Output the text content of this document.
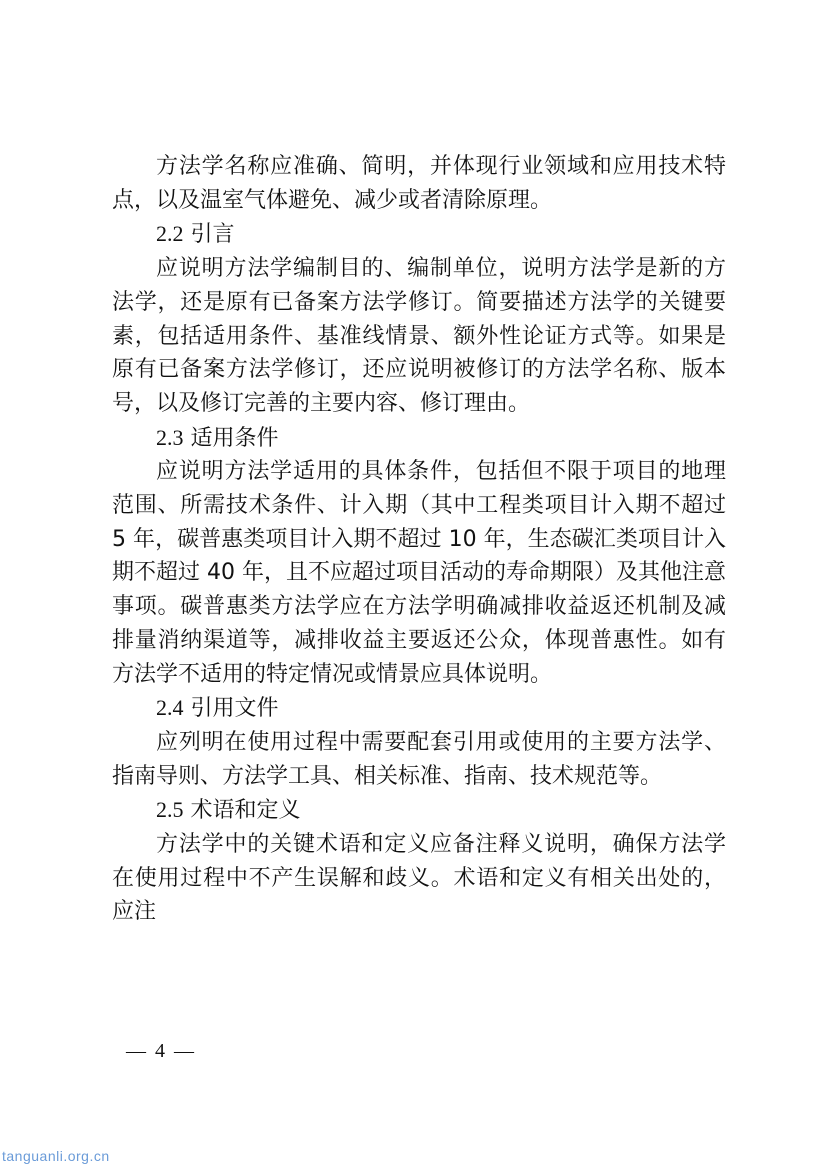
方法学名称应准确、简明，并体现行业领域和应用技术特点，以及温室气体避免、减少或者清除原理。

2.2 引言

应说明方法学编制目的、编制单位，说明方法学是新的方法学，还是原有已备案方法学修订。简要描述方法学的关键要素，包括适用条件、基准线情景、额外性论证方式等。如果是原有已备案方法学修订，还应说明被修订的方法学名称、版本号，以及修订完善的主要内容、修订理由。

2.3 适用条件

应说明方法学适用的具体条件，包括但不限于项目的地理范围、所需技术条件、计入期（其中工程类项目计入期不超过 5 年，碳普惠类项目计入期不超过 10 年，生态碳汇类项目计入期不超过 40 年，且不应超过项目活动的寿命期限）及其他注意事项。碳普惠类方法学应在方法学明确减排收益返还机制及减排量消纳渠道等，减排收益主要返还公众，体现普惠性。如有方法学不适用的特定情况或情景应具体说明。

2.4 引用文件

应列明在使用过程中需要配套引用或使用的主要方法学、指南导则、方法学工具、相关标准、指南、技术规范等。

2.5 术语和定义

方法学中的关键术语和定义应备注释义说明，确保方法学在使用过程中不产生误解和歧义。术语和定义有相关出处的，应注

— 4 —
tanguanli.org.cn
